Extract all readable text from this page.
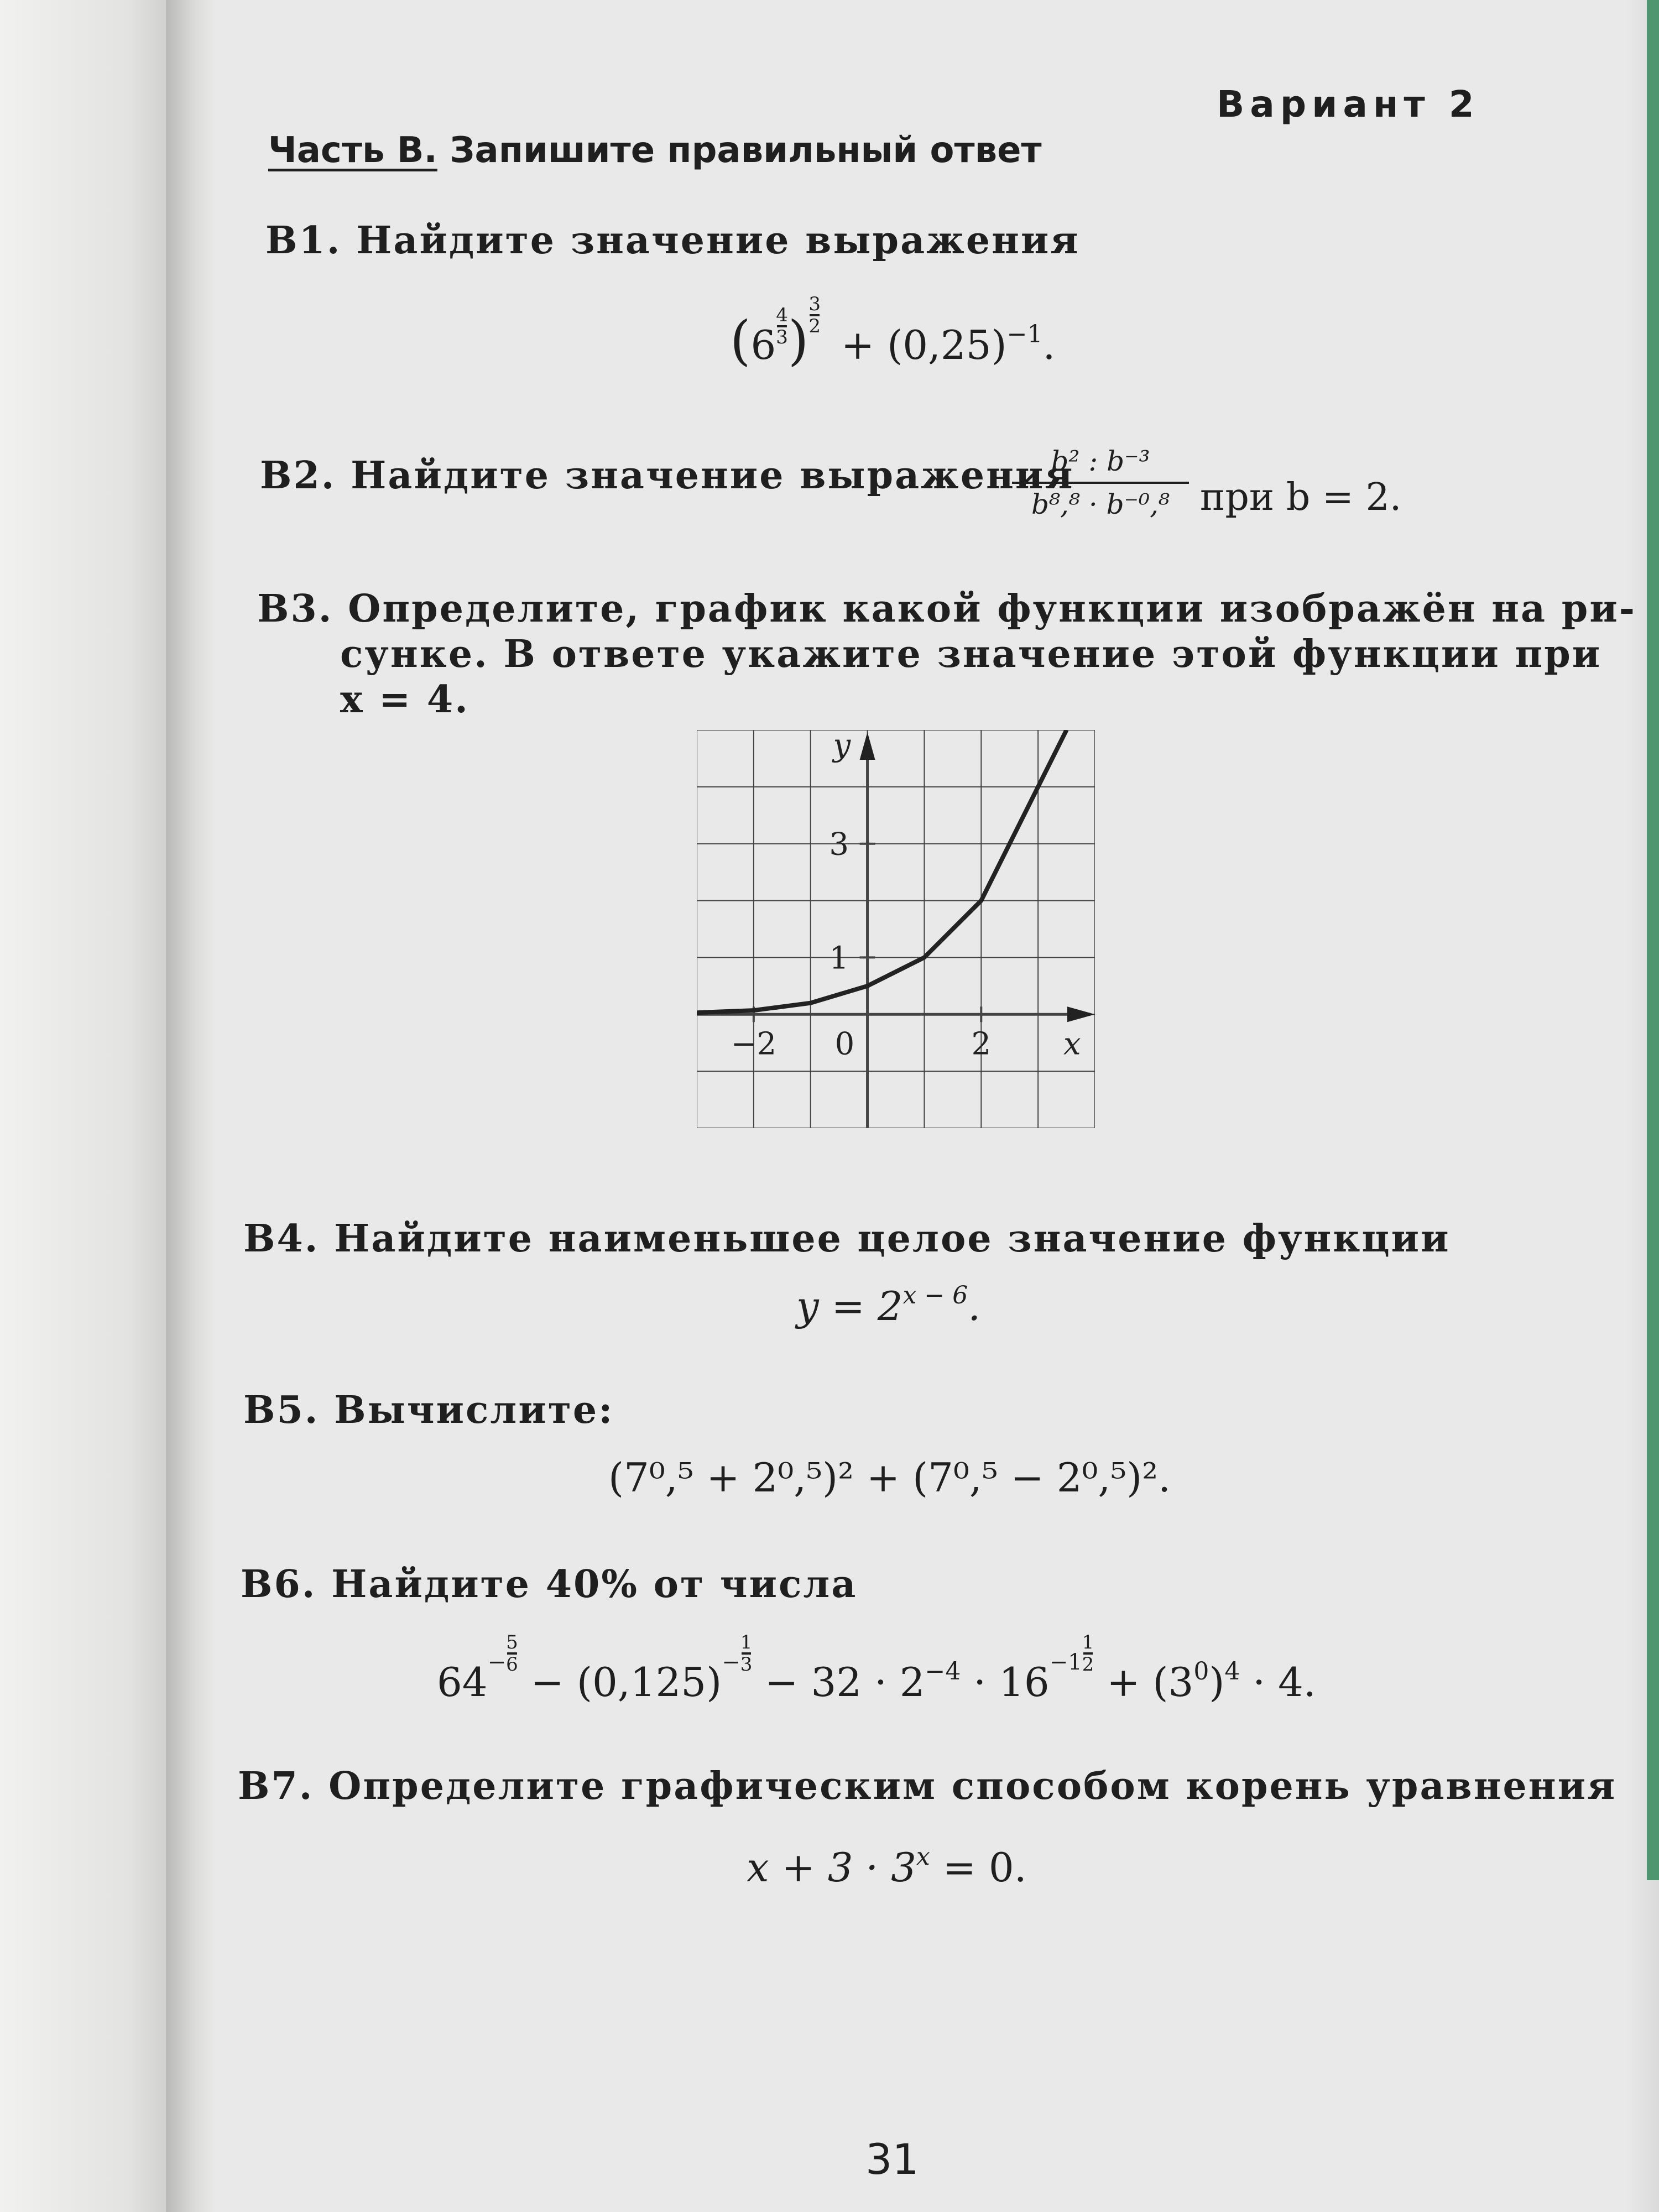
Вариант 2
Часть В. Запишите правильный ответ
В1. Найдите значение выражения
$(6\frac{4}{3})\frac{3}{2} + (0,25)^{-1}$.
В2. Найдите значение выражения
b² : b⁻³
b⁸,⁸ · b⁻⁰,⁸ при b = 2.
В3. Определите, график какой функции изображён на ри-
сунке. В ответе укажите значение этой функции при
x = 4.
x
y
−2 0	2
1
3
В4. Найдите наименьшее целое значение функции
$y = 2^{x - 6}$.
В5. Вычислите:
(7⁰,⁵ + 2⁰,⁵)² + (7⁰,⁵ − 2⁰,⁵)².
В6. Найдите 40% от числа
$64^-\frac{5}{6} - (0,125)^-\frac{1}{3} - 32 \cdot 2^{-4} \cdot 16^{-1}\frac{1}{2} + (3^0)^4 \cdot 4$.
В7. Определите графическим способом корень уравнения
$x + 3 \cdot 3^x = 0$.
31
